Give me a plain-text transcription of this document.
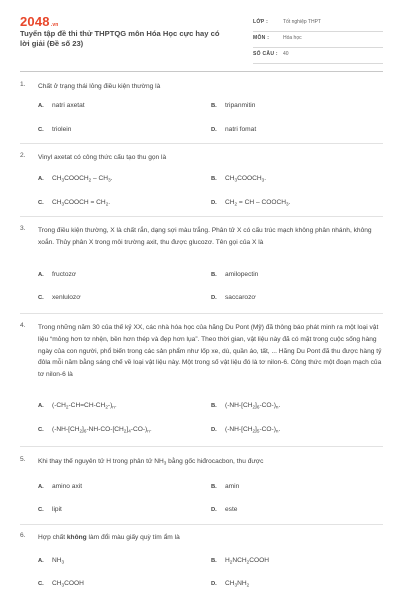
2048.vn
Tuyển tập đề thi thử THPTQG môn Hóa Học cực hay có lời giải (Đề số 23)
LỚP :	Tốt nghiệp THPT
MÔN :	Hóa học
SỐ CÂU : 40
1. Chất ở trạng thái lỏng điều kiện thường là
A. natri axetat	B. tripanmitin
C. triolein	D. natri fomat
2. Vinyl axetat có công thức cấu tạo thu gọn là
A. $CH_3COOCH_2 - CH_3$.	B. $CH_3COOCH_3$.
C. $CH_3COOCH = CH_2$.	D. $CH_2$ = CH – $COOCH_3$.
3. Trong điều kiện thường, X là chất rắn, dạng sợi màu trắng. Phân tử X có cấu trúc mạch không phân nhánh, không xoắn. Thủy phân X trong môi trường axit, thu được glucozơ. Tên gọi của X là
A. fructozơ	B. amilopectin
C. xenlulozơ	D. saccarozơ
4. Trong những năm 30 của thế kỷ XX, các nhà hóa học của hãng Du Pont (Mỹ) đã thông báo phát minh ra một loại vật liệu “mỏng hơn tơ nhện, bền hơn thép và đẹp hơn lụa”. Theo thời gian, vật liệu này đã có mặt trong cuộc sống hàng ngày của con người, phổ biến trong các sản phẩm như lốp xe, dù, quần áo, tất, ... Hãng Du Pont đã thu được hàng tỷ đôla mỗi năm bằng sáng chế về loại vật liệu này. Một trong số vật liệu đó là tơ nilon-6. Công thức một đoạn mạch của tơ nilon-6 là
A. $(-CH_2-CH=CH-CH_2-)_n$.	B. $(-NH-[CH_2]_6-CO-)_n$.
C. $(-NH-[CH_2]_6-NH-CO-[CH_2]_4-CO-)_n$.	D. $(-NH-[CH_2]_5-CO-)_n$.
5. Khi thay thế nguyên tử H trong phân tử $NH_3$ bằng gốc hiđrocacbon, thu được
A. amino axit	B. amin
C. lipit	D. este
6. Hợp chất không làm đổi màu giấy quỳ tím ẩm là
A. $NH_3$	B. $H_2NCH_2COOH$
C. $CH_3COOH$	D. $CH_3NH_2$
